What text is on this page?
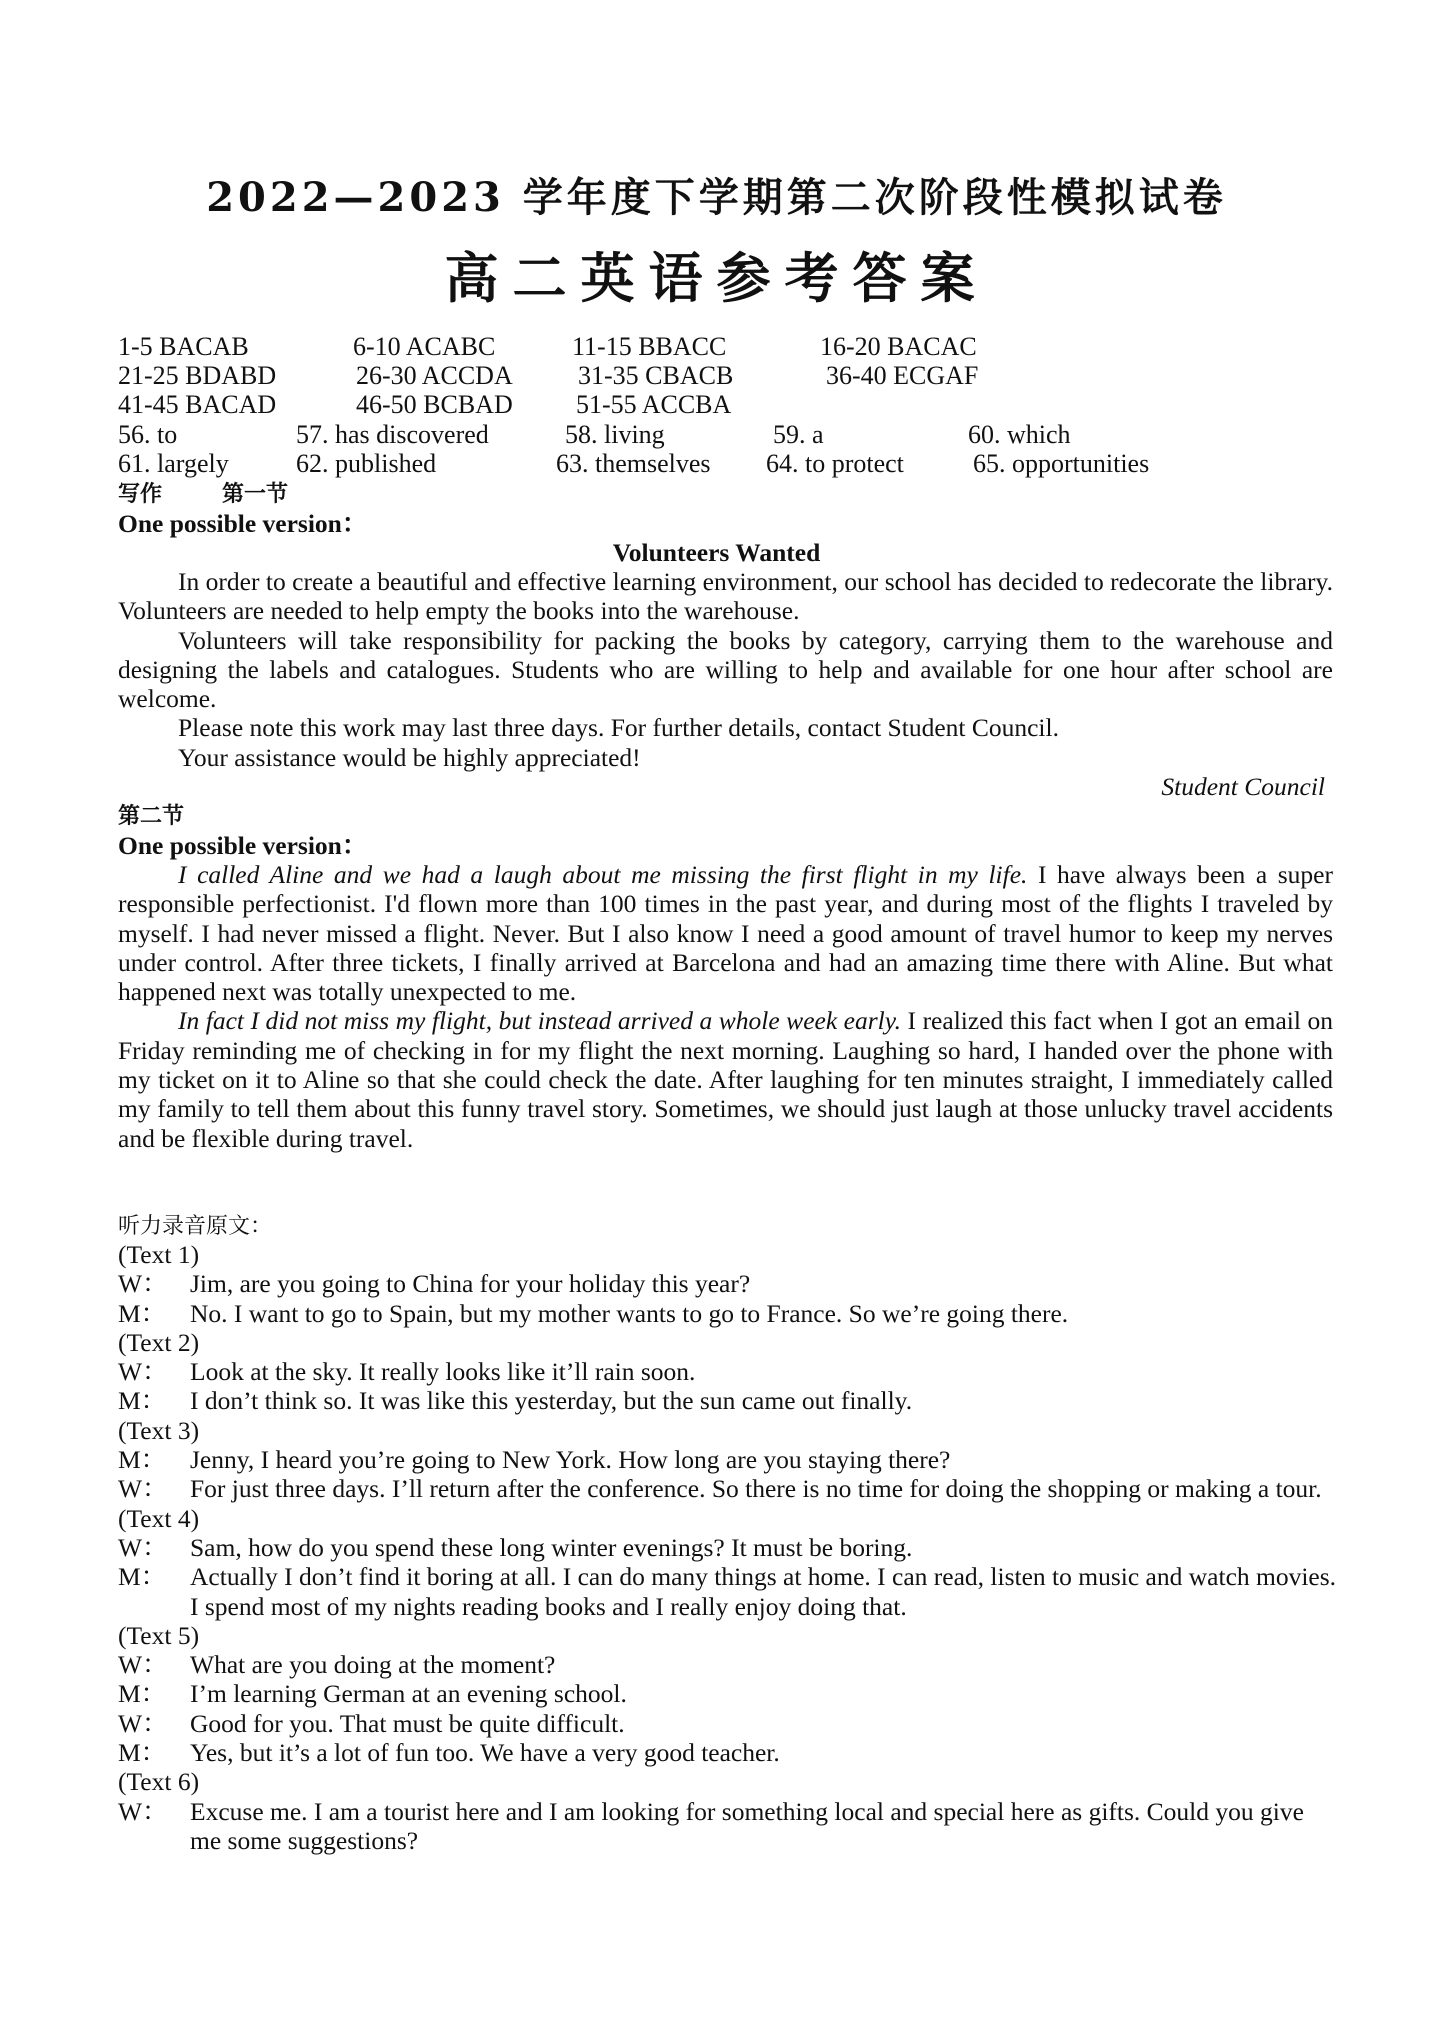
2022—2023 学年度下学期第二次阶段性模拟试卷
高二英语参考答案
1-5 BACAB	6-10 ACABC	11-15 BBACC	16-20 BACAC
21-25 BDABD	26-30 ACCDA	31-35 CBACB	36-40 ECGAF
41-45 BACAD	46-50 BCBAD 51-55 ACCBA
56. to	57. has discovered	58. living	59. a	60. which
61. largely	62. published	63. themselves 64. to protect	65. opportunities
写作	第一节
One possible version：
Volunteers Wanted
In order to create a beautiful and effective learning environment, our school has decided to redecorate the library. Volunteers are needed to help empty the books into the warehouse.
Volunteers will take responsibility for packing the books by category, carrying them to the warehouse and designing the labels and catalogues. Students who are willing to help and available for one hour after school are welcome.
Please note this work may last three days. For further details, contact Student Council.
Your assistance would be highly appreciated!
Student Council
第二节
One possible version：
I called Aline and we had a laugh about me missing the first flight in my life. I have always been a super responsible perfectionist. I'd flown more than 100 times in the past year, and during most of the flights I traveled by myself. I had never missed a flight. Never. But I also know I need a good amount of travel humor to keep my nerves under control. After three tickets, I finally arrived at Barcelona and had an amazing time there with Aline. But what happened next was totally unexpected to me.
In fact I did not miss my flight, but instead arrived a whole week early. I realized this fact when I got an email on Friday reminding me of checking in for my flight the next morning. Laughing so hard, I handed over the phone with my ticket on it to Aline so that she could check the date. After laughing for ten minutes straight, I immediately called my family to tell them about this funny travel story. Sometimes, we should just laugh at those unlucky travel accidents and be flexible during travel.
听力录音原文：
(Text 1)
W： Jim, are you going to China for your holiday this year?
M： No. I want to go to Spain, but my mother wants to go to France. So we’re going there.
(Text 2)
W： Look at the sky. It really looks like it’ll rain soon.
M： I don’t think so. It was like this yesterday, but the sun came out finally.
(Text 3)
M： Jenny, I heard you’re going to New York. How long are you staying there?
W： For just three days. I’ll return after the conference. So there is no time for doing the shopping or making a tour.
(Text 4)
W： Sam, how do you spend these long winter evenings? It must be boring.
M： Actually I don’t find it boring at all. I can do many things at home. I can read, listen to music and watch movies. I spend most of my nights reading books and I really enjoy doing that.
(Text 5)
W： What are you doing at the moment?
M： I’m learning German at an evening school.
W： Good for you. That must be quite difficult.
M： Yes, but it’s a lot of fun too. We have a very good teacher.
(Text 6)
W： Excuse me. I am a tourist here and I am looking for something local and special here as gifts. Could you give me some suggestions?
